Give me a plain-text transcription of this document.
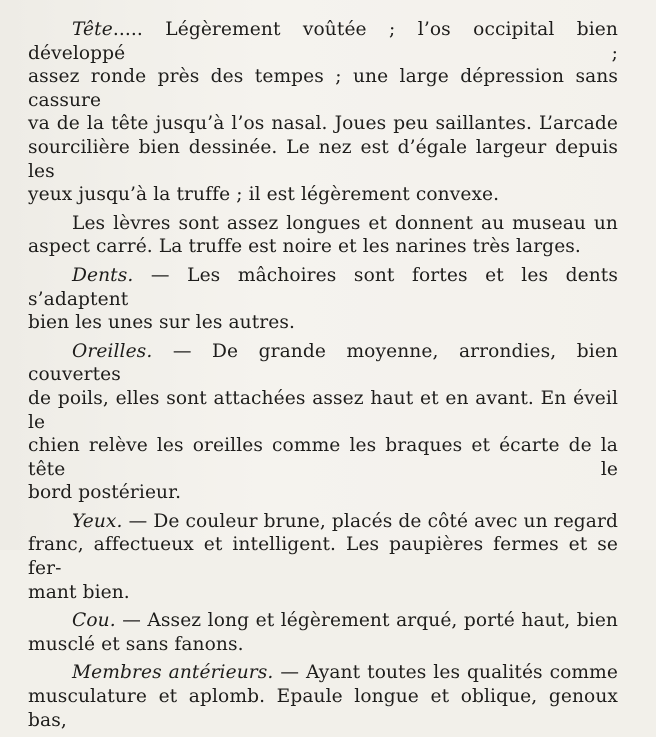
Tête..... Légèrement voûtée ; l’os occipital bien développé ;
assez ronde près des tempes ; une large dépression sans cassure
va de la tête jusqu’à l’os nasal. Joues peu saillantes. L’arcade
sourcilière bien dessinée. Le nez est d’égale largeur depuis les
yeux jusqu’à la truffe ; il est légèrement convexe.
Les lèvres sont assez longues et donnent au museau un
aspect carré. La truffe est noire et les narines très larges.
Dents. — Les mâchoires sont fortes et les dents s’adaptent
bien les unes sur les autres.
Oreilles. — De grande moyenne, arrondies, bien couvertes
de poils, elles sont attachées assez haut et en avant. En éveil le
chien relève les oreilles comme les braques et écarte de la tête le
bord postérieur.
Yeux. — De couleur brune, placés de côté avec un regard
franc, affectueux et intelligent. Les paupières fermes et se fer-
mant bien.
Cou. — Assez long et légèrement arqué, porté haut, bien
musclé et sans fanons.
Membres antérieurs. — Ayant toutes les qualités comme
musculature et aplomb. Epaule longue et oblique, genoux bas,
